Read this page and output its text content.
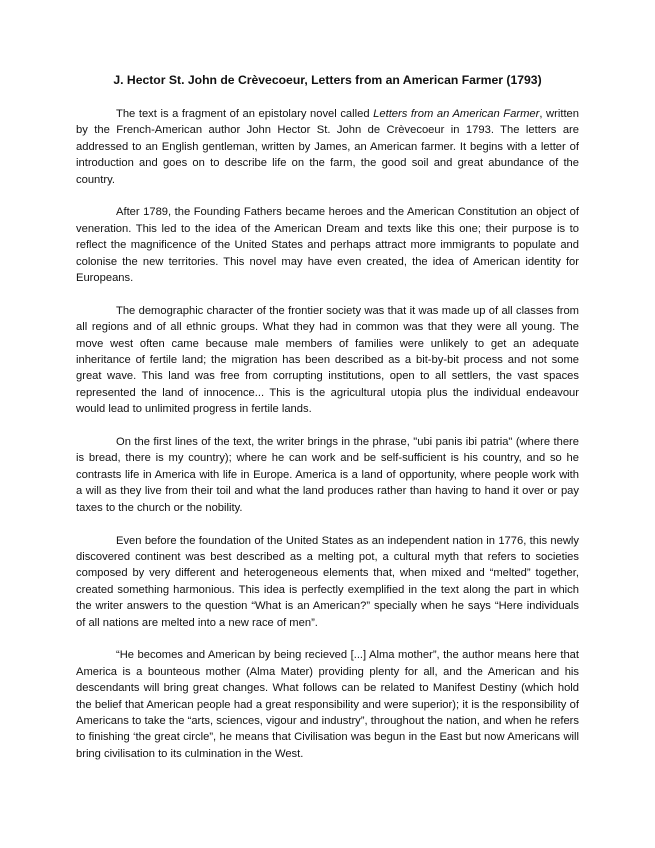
J. Hector St. John de Crèvecoeur, Letters from an American Farmer (1793)

The text is a fragment of an epistolary novel called Letters from an American Farmer, written by the French-American author John Hector St. John de Crèvecoeur in 1793. The letters are addressed to an English gentleman, written by James, an American farmer. It begins with a letter of introduction and goes on to describe life on the farm, the good soil and great abundance of the country.

After 1789, the Founding Fathers became heroes and the American Constitution an object of veneration. This led to the idea of the American Dream and texts like this one; their purpose is to reflect the magnificence of the United States and perhaps attract more immigrants to populate and colonise the new territories. This novel may have even created, the idea of American identity for Europeans.

The demographic character of the frontier society was that it was made up of all classes from all regions and of all ethnic groups. What they had in common was that they were all young. The move west often came because male members of families were unlikely to get an adequate inheritance of fertile land; the migration has been described as a bit-by-bit process and not some great wave. This land was free from corrupting institutions, open to all settlers, the vast spaces represented the land of innocence... This is the agricultural utopia plus the individual endeavour would lead to unlimited progress in fertile lands.

On the first lines of the text, the writer brings in the phrase, "ubi panis ibi patria" (where there is bread, there is my country); where he can work and be self-sufficient is his country, and so he contrasts life in America with life in Europe. America is a land of opportunity, where people work with a will as they live from their toil and what the land produces rather than having to hand it over or pay taxes to the church or the nobility.

Even before the foundation of the United States as an independent nation in 1776, this newly discovered continent was best described as a melting pot, a cultural myth that refers to societies composed by very different and heterogeneous elements that, when mixed and “melted” together, created something harmonious. This idea is perfectly exemplified in the text along the part in which the writer answers to the question “What is an American?” specially when he says “Here individuals of all nations are melted into a new race of men”.

“He becomes and American by being recieved [...] Alma mother”, the author means here that America is a bounteous mother (Alma Mater) providing plenty for all, and the American and his descendants will bring great changes. What follows can be related to Manifest Destiny (which hold the belief that American people had a great responsibility and were superior); it is the responsibility of Americans to take the “arts, sciences, vigour and industry”, throughout the nation, and when he refers to finishing ‘the great circle”, he means that Civilisation was begun in the East but now Americans will bring civilisation to its culmination in the West.
